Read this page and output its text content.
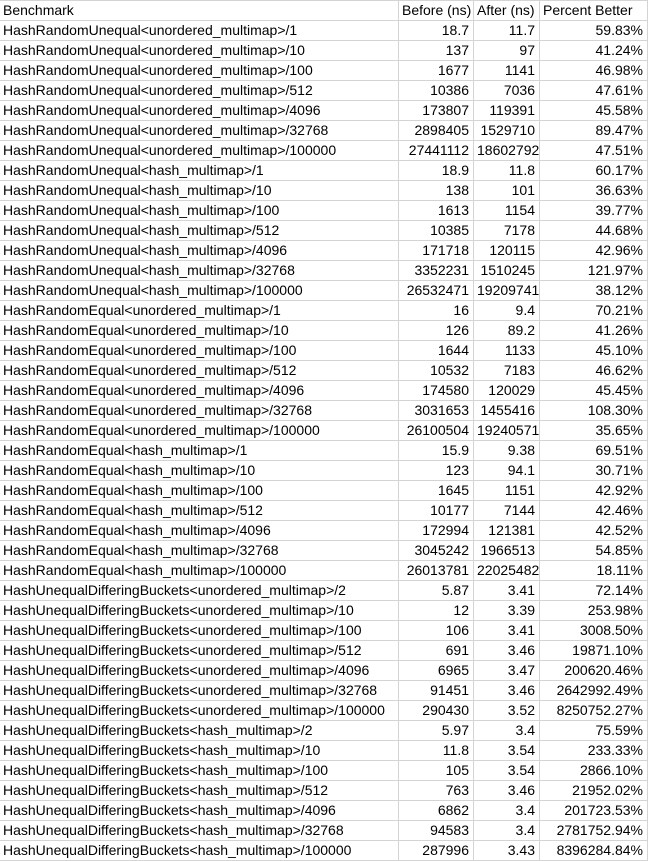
Benchmark	Before (ns)	After (ns)	Percent Better
HashRandomUnequal<unordered_multimap>/1	18.7	11.7	59.83%
HashRandomUnequal<unordered_multimap>/10	137	97	41.24%
HashRandomUnequal<unordered_multimap>/100	1677	1141	46.98%
HashRandomUnequal<unordered_multimap>/512	10386	7036	47.61%
HashRandomUnequal<unordered_multimap>/4096	173807	119391	45.58%
HashRandomUnequal<unordered_multimap>/32768	2898405	1529710	89.47%
HashRandomUnequal<unordered_multimap>/100000	27441112	18602792	47.51%
HashRandomUnequal<hash_multimap>/1	18.9	11.8	60.17%
HashRandomUnequal<hash_multimap>/10	138	101	36.63%
HashRandomUnequal<hash_multimap>/100	1613	1154	39.77%
HashRandomUnequal<hash_multimap>/512	10385	7178	44.68%
HashRandomUnequal<hash_multimap>/4096	171718	120115	42.96%
HashRandomUnequal<hash_multimap>/32768	3352231	1510245	121.97%
HashRandomUnequal<hash_multimap>/100000	26532471	19209741	38.12%
HashRandomEqual<unordered_multimap>/1	16	9.4	70.21%
HashRandomEqual<unordered_multimap>/10	126	89.2	41.26%
HashRandomEqual<unordered_multimap>/100	1644	1133	45.10%
HashRandomEqual<unordered_multimap>/512	10532	7183	46.62%
HashRandomEqual<unordered_multimap>/4096	174580	120029	45.45%
HashRandomEqual<unordered_multimap>/32768	3031653	1455416	108.30%
HashRandomEqual<unordered_multimap>/100000	26100504	19240571	35.65%
HashRandomEqual<hash_multimap>/1	15.9	9.38	69.51%
HashRandomEqual<hash_multimap>/10	123	94.1	30.71%
HashRandomEqual<hash_multimap>/100	1645	1151	42.92%
HashRandomEqual<hash_multimap>/512	10177	7144	42.46%
HashRandomEqual<hash_multimap>/4096	172994	121381	42.52%
HashRandomEqual<hash_multimap>/32768	3045242	1966513	54.85%
HashRandomEqual<hash_multimap>/100000	26013781	22025482	18.11%
HashUnequalDifferingBuckets<unordered_multimap>/2	5.87	3.41	72.14%
HashUnequalDifferingBuckets<unordered_multimap>/10	12	3.39	253.98%
HashUnequalDifferingBuckets<unordered_multimap>/100	106	3.41	3008.50%
HashUnequalDifferingBuckets<unordered_multimap>/512	691	3.46	19871.10%
HashUnequalDifferingBuckets<unordered_multimap>/4096	6965	3.47	200620.46%
HashUnequalDifferingBuckets<unordered_multimap>/32768	91451	3.46	2642992.49%
HashUnequalDifferingBuckets<unordered_multimap>/100000	290430	3.52	8250752.27%
HashUnequalDifferingBuckets<hash_multimap>/2	5.97	3.4	75.59%
HashUnequalDifferingBuckets<hash_multimap>/10	11.8	3.54	233.33%
HashUnequalDifferingBuckets<hash_multimap>/100	105	3.54	2866.10%
HashUnequalDifferingBuckets<hash_multimap>/512	763	3.46	21952.02%
HashUnequalDifferingBuckets<hash_multimap>/4096	6862	3.4	201723.53%
HashUnequalDifferingBuckets<hash_multimap>/32768	94583	3.4	2781752.94%
HashUnequalDifferingBuckets<hash_multimap>/100000	287996	3.43	8396284.84%
